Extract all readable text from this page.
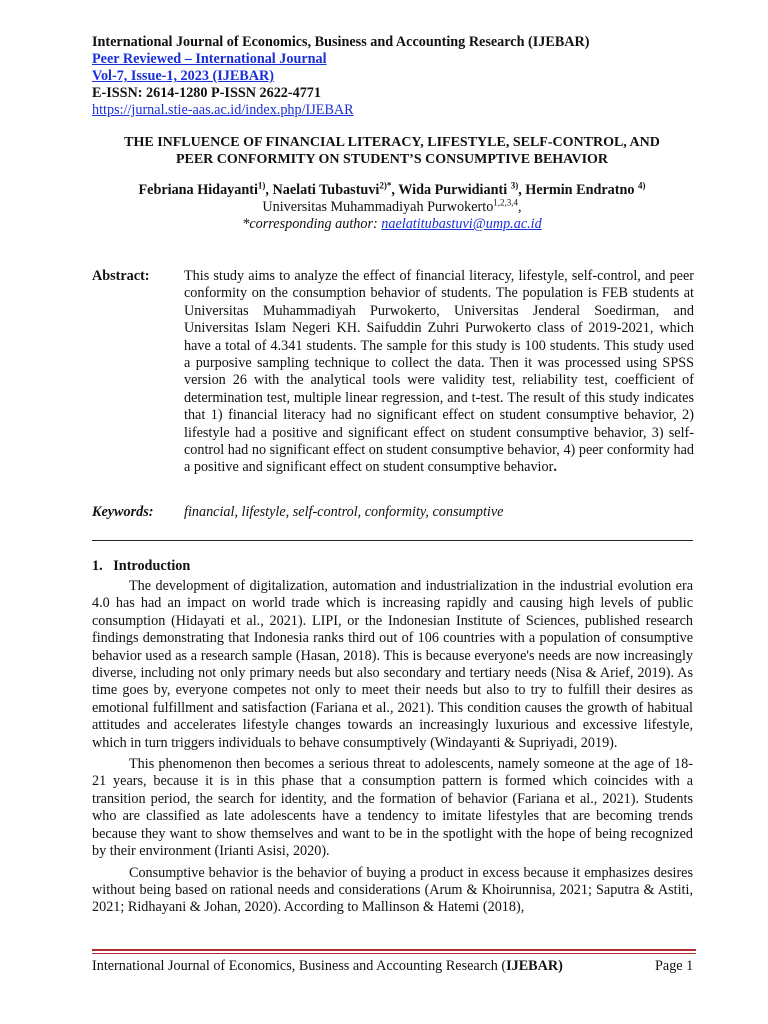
International Journal of Economics, Business and Accounting Research (IJEBAR)
Peer Reviewed – International Journal
Vol-7, Issue-1, 2023 (IJEBAR)
E-ISSN: 2614-1280 P-ISSN 2622-4771
https://jurnal.stie-aas.ac.id/index.php/IJEBAR
THE INFLUENCE OF FINANCIAL LITERACY, LIFESTYLE, SELF-CONTROL, AND
PEER CONFORMITY ON STUDENT’S CONSUMPTIVE BEHAVIOR
Febriana Hidayanti$^{1)}$, Naelati Tubastuvi$^{2)*}$, Wida Purwidianti $^{3)}$, Hermin Endratno $^{4)}$
Universitas Muhammadiyah Purwokerto$^{1,2,3,4}$,
*corresponding author: naelatitubastuvi@ump.ac.id
Abstract: This study aims to analyze the effect of financial literacy, lifestyle, self-control, and peer conformity on the consumption behavior of students. The population is FEB students at Universitas Muhammadiyah Purwokerto, Universitas Jenderal Soedirman, and Universitas Islam Negeri KH. Saifuddin Zuhri Purwokerto class of 2019-2021, which have a total of 4.341 students. The sample for this study is 100 students. This study used a purposive sampling technique to collect the data. Then it was processed using SPSS version 26 with the analytical tools were validity test, reliability test, coefficient of determination test, multiple linear regression, and t-test. The result of this study indicates that 1) financial literacy had no significant effect on student consumptive behavior, 2) lifestyle had a positive and significant effect on student consumptive behavior, 3) self-control had no significant effect on student consumptive behavior, 4) peer conformity had a positive and significant effect on student consumptive behavior.
Keywords: financial, lifestyle, self-control, conformity, consumptive
1.   Introduction

The development of digitalization, automation and industrialization in the industrial evolution era 4.0 has had an impact on world trade which is increasing rapidly and causing high levels of public consumption (Hidayati et al., 2021). LIPI, or the Indonesian Institute of Sciences, published research findings demonstrating that Indonesia ranks third out of 106 countries with a population of consumptive behavior used as a research sample (Hasan, 2018). This is because everyone's needs are now increasingly diverse, including not only primary needs but also secondary and tertiary needs (Nisa & Arief, 2019). As time goes by, everyone competes not only to meet their needs but also to try to fulfill their desires as emotional fulfillment and satisfaction (Fariana et al., 2021). This condition causes the growth of habitual attitudes and accelerates lifestyle changes towards an increasingly luxurious and excessive lifestyle, which in turn triggers individuals to behave consumptively (Windayanti & Supriyadi, 2019).

This phenomenon then becomes a serious threat to adolescents, namely someone at the age of 18-21 years, because it is in this phase that a consumption pattern is formed which coincides with a transition period, the search for identity, and the formation of behavior (Fariana et al., 2021). Students who are classified as late adolescents have a tendency to imitate lifestyles that are becoming trends because they want to show themselves and want to be in the spotlight with the hope of being recognized by their environment (Irianti Asisi, 2020).

Consumptive behavior is the behavior of buying a product in excess because it emphasizes desires without being based on rational needs and considerations (Arum & Khoirunnisa, 2021; Saputra & Astiti, 2021; Ridhayani & Johan, 2020). According to Mallinson & Hatemi (2018),

International Journal of Economics, Business and Accounting Research (IJEBAR)	Page 1
